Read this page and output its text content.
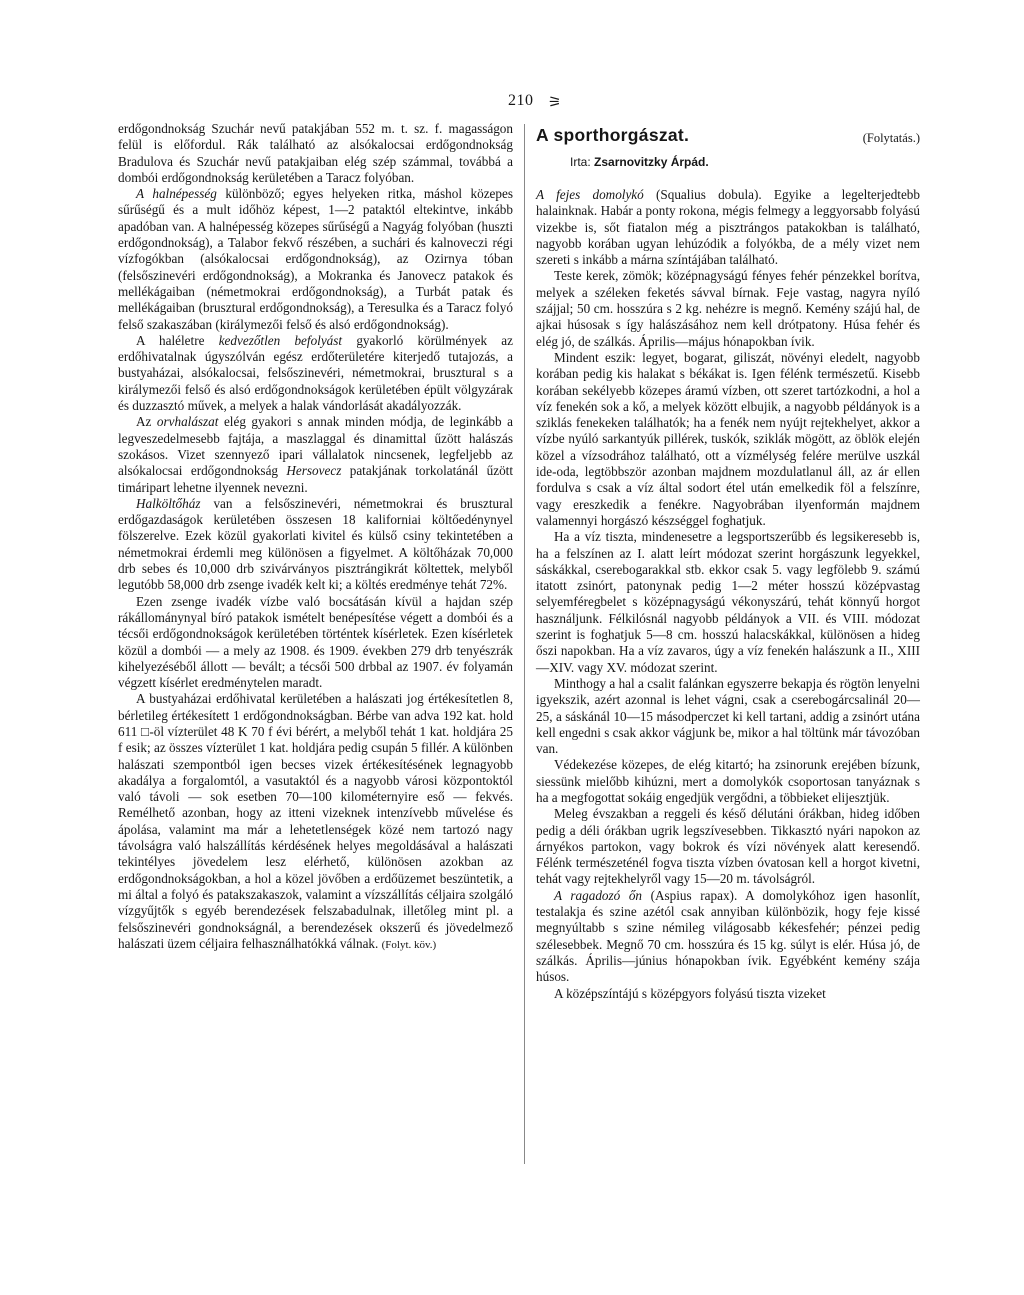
210 ⚞

erdőgondnokság Szuchár nevű patakjában 552 m. t. sz. f. magasságon felül is előfordul. Rák található az alsókalocsai erdőgondnokság Bradulova és Szuchár nevű patakjaiban elég szép számmal, továbbá a dombói erdőgondnokság kerületében a Taracz folyóban.

A halnépesség különböző; egyes helyeken ritka, máshol közepes sűrűségű és a mult időhöz képest, 1—2 pataktól eltekintve, inkább apadóban van. A halnépesség közepes sűrűségű a Nagyág folyóban (huszti erdőgondnokság), a Talabor fekvő részében, a suchári és kalnoveczi régi vízfogókban (alsókalocsai erdőgondnokság), az Ozirnya tóban (felsőszinevéri erdőgondnokság), a Mokranka és Janovecz patakok és mellékágaiban (németmokrai erdőgondnokság), a Turbát patak és mellékágaiban (brusztural erdőgondnokság), a Teresulka és a Taracz folyó felső szakaszában (királymezői felső és alsó erdőgondnokság).

A haléletre kedvezőtlen befolyást gyakorló körülmények az erdőhivatalnak úgyszólván egész erdőterületére kiterjedő tutajozás, a bustyaházai, alsókalocsai, felsőszinevéri, németmokrai, brusztural s a királymezői felső és alsó erdőgondnokságok kerületében épült völgyzárak és duzzasztó művek, a melyek a halak vándorlását akadályozzák.

Az orvhalászat elég gyakori s annak minden módja, de leginkább a legveszedelmesebb fajtája, a maszlaggal és dinamittal űzött halászás szokásos. Vizet szennyező ipari vállalatok nincsenek, legfeljebb az alsókalocsai erdőgondnokság Hersovecz patakjának torkolatánál űzött timáripart lehetne ilyennek nevezni.

Halköltőház van a felsőszinevéri, németmokrai és brusztural erdőgazdaságok kerületében összesen 18 kaliforniai költőedénynyel fölszerelve. Ezek közül gyakorlati kivitel és külső csiny tekintetében a németmokrai érdemli meg különösen a figyelmet. A költőházak 70,000 drb sebes és 10,000 drb szivárványos pisztrángikrát költettek, melyből legutóbb 58,000 drb zsenge ivadék kelt ki; a költés eredménye tehát 72%.

Ezen zsenge ivadék vízbe való bocsátásán kívül a hajdan szép rákállománynyal bíró patakok ismételt benépesítése végett a dombói és a técsői erdőgondnokságok kerületében történtek kísérletek. Ezen kísérletek közül a dombói — a mely az 1908. és 1909. években 279 drb tenyészrák kihelyezéséből állott — bevált; a técsői 500 drbbal az 1907. év folyamán végzett kísérlet eredménytelen maradt.

A bustyaházai erdőhivatal kerületében a halászati jog értékesítetlen 8, bérletileg értékesített 1 erdőgondnokságban. Bérbe van adva 192 kat. hold 611 □-öl vízterület 48 K 70 f évi bérért, a melyből tehát 1 kat. holdjára 25 f esik; az összes vízterület 1 kat. holdjára pedig csupán 5 fillér. A különben halászati szempontból igen becses vizek értékesítésének legnagyobb akadálya a forgalomtól, a vasutaktól és a nagyobb városi központoktól való távoli — sok esetben 70—100 kilométernyire eső — fekvés. Remélhető azonban, hogy az itteni vizeknek intenzívebb művelése és ápolása, valamint ma már a lehetetlenségek közé nem tartozó nagy távolságra való halszállítás kérdésének helyes megoldásával a halászati tekintélyes jövedelem lesz elérhető, különösen azokban az erdőgondnokságokban, a hol a közel jövőben a erdőüzemet beszüntetik, a mi által a folyó és patakszakaszok, valamint a vízszállítás céljaira szolgáló vízgyűjtők s egyéb berendezések felszabadulnak, illetőleg mint pl. a felsőszinevéri gondnokságnál, a berendezések okszerű és jövedelmező halászati üzem céljaira felhasználhatókká válnak. (Folyt. köv.)

A sporthorgászat.	(Folytatás.)
Irta: Zsarnovitzky Árpád.

A fejes domolykó (Squalius dobula). Egyike a legelterjedtebb halainknak. Habár a ponty rokona, mégis felmegy a leggyorsabb folyású vizekbe is, sőt fiatalon még a pisztrángos patakokban is található, nagyobb korában ugyan lehúzódik a folyókba, de a mély vizet nem szereti s inkább a márna színtájában található.

Teste kerek, zömök; középnagyságú fényes fehér pénzekkel borítva, melyek a széleken feketés sávval bírnak. Feje vastag, nagyra nyíló szájjal; 50 cm. hosszúra s 2 kg. nehézre is megnő. Kemény szájú hal, de ajkai húsosak s így halászásához nem kell drótpatony. Húsa fehér és elég jó, de szálkás. Április—május hónapokban ívik.

Mindent eszik: legyet, bogarat, giliszát, növényi eledelt, nagyobb korában pedig kis halakat s békákat is. Igen félénk természetű. Kisebb korában sekélyebb közepes áramú vízben, ott szeret tartózkodni, a hol a víz fenekén sok a kő, a melyek között elbujik, a nagyobb példányok is a sziklás fenekeken találhatók; ha a fenék nem nyújt rejtekhelyet, akkor a vízbe nyúló sarkantyúk pillérek, tuskók, sziklák mögött, az öblök elején közel a vízsodrához található, ott a vízmélység felére merülve uszkál ide-oda, legtöbbször azonban majdnem mozdulatlanul áll, az ár ellen fordulva s csak a víz által sodort étel után emelkedik föl a felszínre, vagy ereszkedik a fenékre. Nagyobrában ilyenformán majdnem valamennyi horgászó készséggel foghatjuk.

Ha a víz tiszta, mindenesetre a legsportszerűbb és legsikeresebb is, ha a felszínen az I. alatt leírt módozat szerint horgászunk legyekkel, sáskákkal, cserebogarakkal stb. ekkor csak 5. vagy legfölebb 9. számú itatott zsinórt, patonynak pedig 1—2 méter hosszú középvastag selyemféregbelet s középnagyságú vékonyszárú, tehát könnyű horgot használjunk. Félkilósnál nagyobb példányok a VII. és VIII. módozat szerint is foghatjuk 5—8 cm. hosszú halacskákkal, különösen a hideg őszi napokban. Ha a víz zavaros, úgy a víz fenekén halászunk a II., XIII—XIV. vagy XV. módozat szerint.

Minthogy a hal a csalit falánkan egyszerre bekapja és rögtön lenyelni igyekszik, azért azonnal is lehet vágni, csak a cserebogárcsalinál 20—25, a sáskánál 10—15 másodperczet ki kell tartani, addig a zsinórt utána kell engedni s csak akkor vágjunk be, mikor a hal töltünk már távozóban van.

Védekezése közepes, de elég kitartó; ha zsinorunk erejében bízunk, siessünk mielőbb kihúzni, mert a domolykók csoportosan tanyáznak s ha a megfogottat sokáig engedjük vergődni, a többieket elijesztjük.

Meleg évszakban a reggeli és késő délutáni órákban, hideg időben pedig a déli órákban ugrik legszívesebben. Tikkasztó nyári napokon az árnyékos partokon, vagy bokrok és vízi növények alatt keresendő. Félénk természeténél fogva tiszta vízben óvatosan kell a horgot kivetni, tehát vagy rejtekhelyről vagy 15—20 m. távolságról.

A ragadozó őn (Aspius rapax). A domolykóhoz igen hasonlít, testalakja és szine azétól csak annyiban különbözik, hogy feje kissé megnyúltabb s szine némileg világosabb kékesfehér; pénzei pedig szélesebbek. Megnő 70 cm. hosszúra és 15 kg. súlyt is elér. Húsa jó, de szálkás. Április—június hónapokban ívik. Egyébként kemény szája húsos.

A középszíntájú s középgyors folyású tiszta vizeket
